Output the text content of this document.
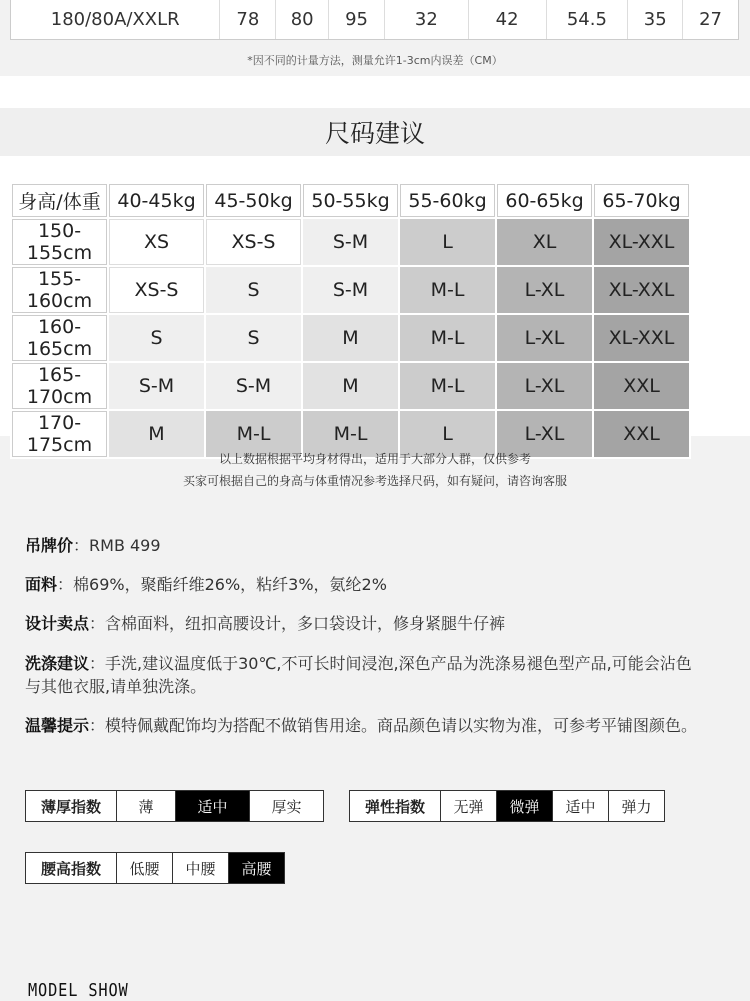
180/80A/XXLR	78	80	95	32	42	54.5	35	27
*因不同的计量方法，测量允许1-3cm内误差（CM）
尺码建议
身高/体重	40-45kg	45-50kg	50-55kg	55-60kg	60-65kg	65-70kg
150-155cm	XS	XS-S	S-M	L	XL	XL-XXL
155-160cm	XS-S	S	S-M	M-L	L-XL	XL-XXL
160-165cm	S	S	M	M-L	L-XL	XL-XXL
165-170cm	S-M	S-M	M	M-L	L-XL	XXL
170-175cm	M	M-L	M-L	L	L-XL	XXL
以上数据根据平均身材得出，适用于大部分人群，仅供参考
买家可根据自己的身高与体重情况参考选择尺码，如有疑问，请咨询客服
吊牌价：RMB 499
面料：棉69%，聚酯纤维26%，粘纤3%，氨纶2%
设计卖点：含棉面料，纽扣高腰设计，多口袋设计，修身紧腿牛仔裤
洗涤建议：手洗,建议温度低于30℃,不可长时间浸泡,深色产品为洗涤易褪色型产品,可能会沾色与其他衣服,请单独洗涤。
温馨提示：模特佩戴配饰均为搭配不做销售用途。商品颜色请以实物为准，可参考平铺图颜色。
薄厚指数	薄	适中	厚实	弹性指数	无弹	微弹	适中	弹力
腰高指数	低腰	中腰	高腰
MODEL SHOW
